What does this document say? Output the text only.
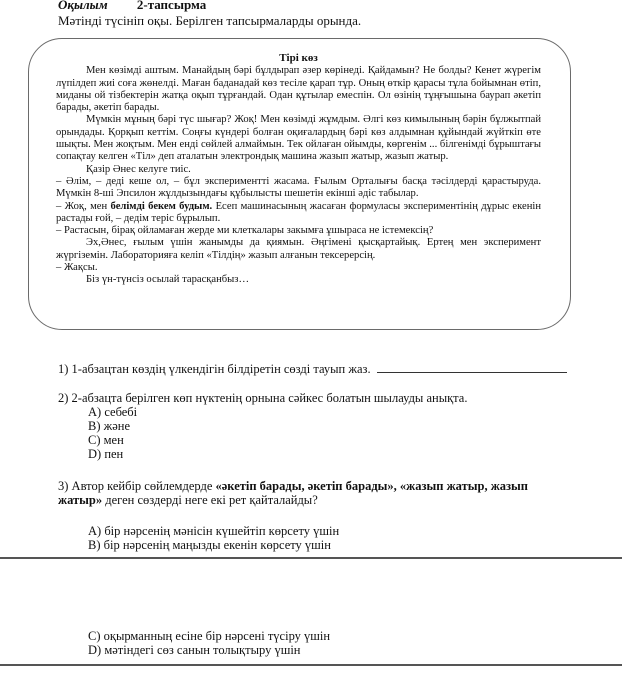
Оқылым 2-тапсырма
Мәтінді түсініп оқы. Берілген тапсырмаларды орында.
Тірі көз

Мен көзімді аштым. Манайдың бәрі бұлдырап әзер көрінеді. Қайдамын? Не болды? Кенет жүрегім лүпілдеп жиі соға жөнелді. Маған баданадай көз тесіле қарап тұр. Оның өткір қарасы тұла бойымнан өтіп, миданы ой тізбектерін жатқа оқып тұрғандай. Одан құтылар емеспін. Ол өзінің тұңғышына баурап әкетіп барады, әкетіп барады.

Мүмкін мұның бәрі түс шығар? Жоқ! Мен көзімді жұмдым. Әлгі көз кимылының бәрін бұлжытпай орындады. Қорқып кеттім. Соңғы күндері болған оқиғалардың бәрі көз алдымнан құйындай жүйткіп өте шықты. Мен жоқтым. Мен енді сөйлей алмаймын. Тек ойлаған ойымды, көргенім ... білгенімді бұрыштағы сопақтау келген «Тіл» деп аталатын электрондық машина жазып жатыр, жазып жатыр.

Қазір Әнес келуге тиіс.

– Әлім, – деді кеше ол, – бұл экспериментті жасама. Ғылым Орталығы басқа тәсілдерді қарастыруда. Мүмкін 8-ші Эпсилон жұлдызындағы құбылысты шешетін екінші әдіс табылар.

– Жоқ, мен белімді бекем будым. Есеп машинасының жасаған формуласы экспериментінің дұрыс екенін растады ғой, – дедім теріс бұрылып.

– Растасын, бірақ ойламаған жерде ми клеткалары закымға ұшыраса не істемексің?

Эх,Әнес, ғылым үшін жанымды да қиямын. Әңгімені қысқартайық. Ертең мен эксперимент жүргіземін. Лабораторияға келіп «Тілдің» жазып алғанын тексерерсің.

– Жақсы.

Біз үн-түнсіз осылай тарасқанбыз…

1) 1-абзацтан көздің үлкендігін білдіретін сөзді тауып жаз.
2) 2-абзацта берілген көп нүктенің орнына сәйкес болатын шылауды анықта.
А) себебі
В) және
С) мен
D) пен
3) Автор кейбір сөйлемдерде «әкетіп барады, әкетіп барады», «жазып жатыр, жазып жатыр» деген сөздерді неге екі рет қайталайды?
А) бір нәрсенің мәнісін күшейтіп көрсету үшін
В) бір нәрсенің маңызды екенін көрсету үшін
С) оқырманның есіне бір нәрсені түсіру үшін
D) мәтіндегі сөз санын толықтыру үшін
